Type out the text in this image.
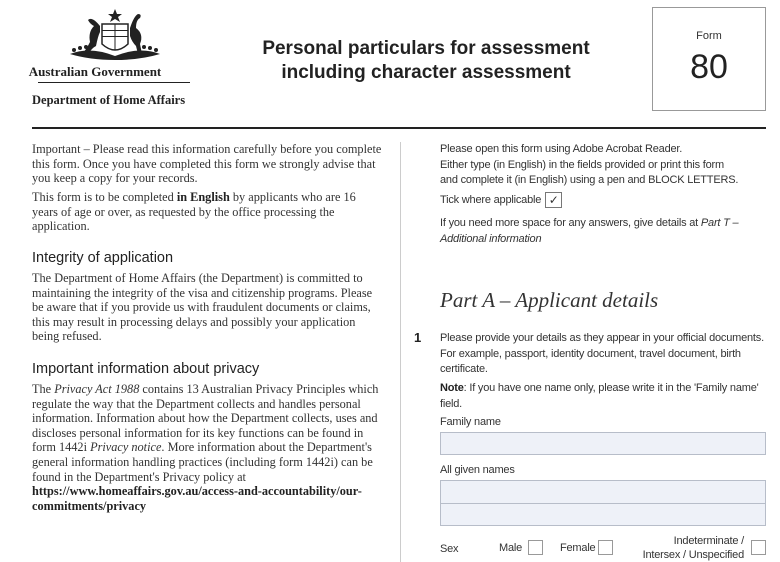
Australian Government
Department of Home Affairs
Personal particulars for assessment
including character assessment
Form
80
Important – Please read this information carefully before you complete this form. Once you have completed this form we strongly advise that you keep a copy for your records.
This form is to be completed in English by applicants who are 16 years of age or over, as requested by the office processing the application.
Integrity of application
The Department of Home Affairs (the Department) is committed to maintaining the integrity of the visa and citizenship programs. Please be aware that if you provide us with fraudulent documents or claims, this may result in processing delays and possibly your application being refused.
Important information about privacy
The Privacy Act 1988 contains 13 Australian Privacy Principles which regulate the way that the Department collects and handles personal information. Information about how the Department collects, uses and discloses personal information for its key functions can be found in form 1442i Privacy notice. More information about the Department's general information handling practices (including form 1442i) can be found in the Department's Privacy policy at https://www.homeaffairs.gov.au/access-and-accountability/our-commitments/privacy
Please open this form using Adobe Acrobat Reader.
Either type (in English) in the fields provided or print this form
and complete it (in English) using a pen and BLOCK LETTERS.
Tick where applicable ✓
If you need more space for any answers, give details at Part T – Additional information
Part A – Applicant details
1 Please provide your details as they appear in your official documents. For example, passport, identity document, travel document, birth certificate.
Note: If you have one name only, please write it in the 'Family name' field.
Family name
All given names
Sex	Male	Female
Indeterminate /
Intersex / Unspecified
